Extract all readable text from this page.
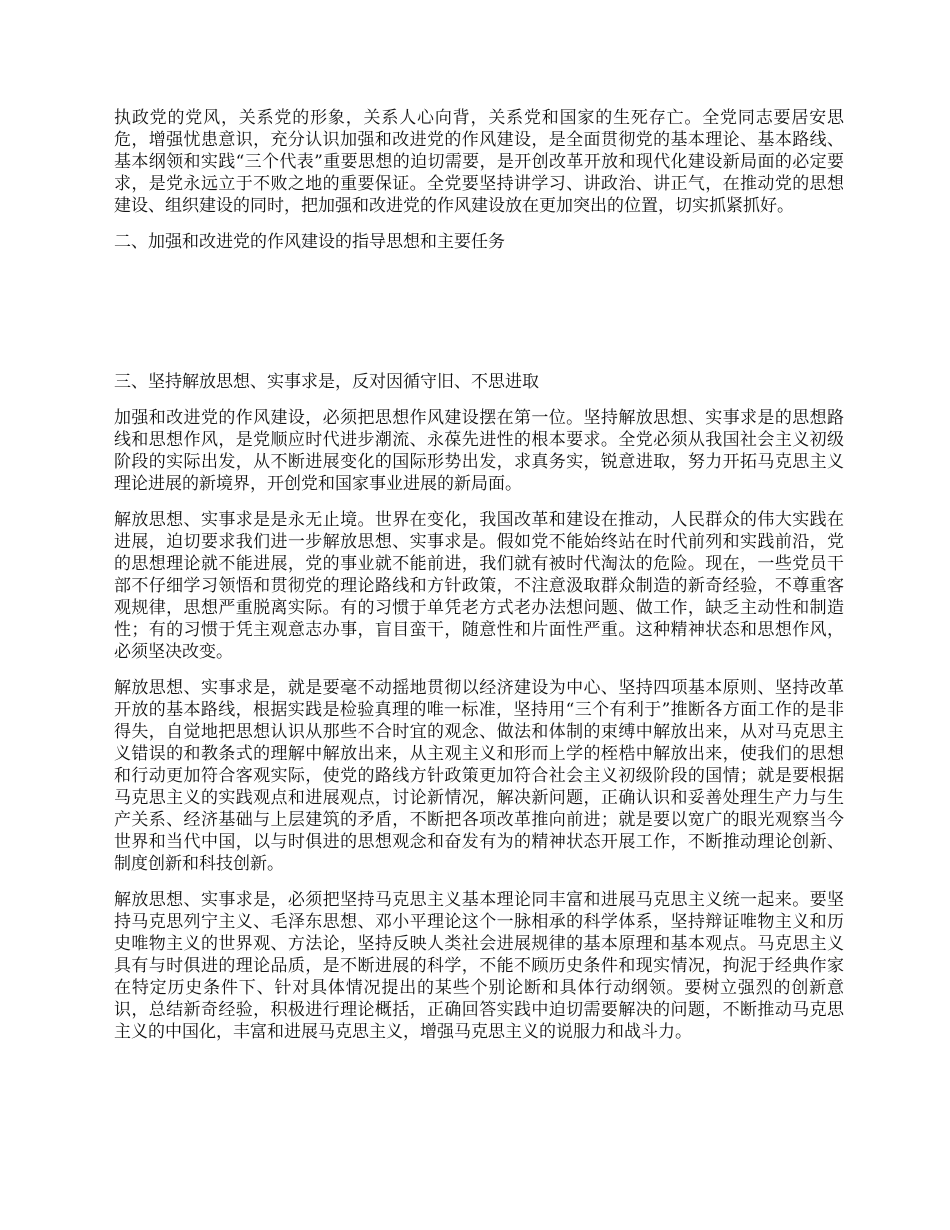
执政党的党风，关系党的形象，关系人心向背，关系党和国家的生死存亡。全党同志要居安思危，增强忧患意识，充分认识加强和改进党的作风建设，是全面贯彻党的基本理论、基本路线、基本纲领和实践“三个代表”重要思想的迫切需要，是开创改革开放和现代化建设新局面的必定要求，是党永远立于不败之地的重要保证。全党要坚持讲学习、讲政治、讲正气，在推动党的思想建设、组织建设的同时，把加强和改进党的作风建设放在更加突出的位置，切实抓紧抓好。

二、加强和改进党的作风建设的指导思想和主要任务

三、坚持解放思想、实事求是，反对因循守旧、不思进取

加强和改进党的作风建设，必须把思想作风建设摆在第一位。坚持解放思想、实事求是的思想路线和思想作风，是党顺应时代进步潮流、永葆先进性的根本要求。全党必须从我国社会主义初级阶段的实际出发，从不断进展变化的国际形势出发，求真务实，锐意进取，努力开拓马克思主义理论进展的新境界，开创党和国家事业进展的新局面。

解放思想、实事求是是永无止境。世界在变化，我国改革和建设在推动，人民群众的伟大实践在进展，迫切要求我们进一步解放思想、实事求是。假如党不能始终站在时代前列和实践前沿，党的思想理论就不能进展，党的事业就不能前进，我们就有被时代淘汰的危险。现在，一些党员干部不仔细学习领悟和贯彻党的理论路线和方针政策，不注意汲取群众制造的新奇经验，不尊重客观规律，思想严重脱离实际。有的习惯于单凭老方式老办法想问题、做工作，缺乏主动性和制造性；有的习惯于凭主观意志办事，盲目蛮干，随意性和片面性严重。这种精神状态和思想作风，必须坚决改变。

解放思想、实事求是，就是要毫不动摇地贯彻以经济建设为中心、坚持四项基本原则、坚持改革开放的基本路线，根据实践是检验真理的唯一标准，坚持用“三个有利于”推断各方面工作的是非得失，自觉地把思想认识从那些不合时宜的观念、做法和体制的束缚中解放出来，从对马克思主义错误的和教条式的理解中解放出来，从主观主义和形而上学的桎梏中解放出来，使我们的思想和行动更加符合客观实际，使党的路线方针政策更加符合社会主义初级阶段的国情；就是要根据马克思主义的实践观点和进展观点，讨论新情况，解决新问题，正确认识和妥善处理生产力与生产关系、经济基础与上层建筑的矛盾，不断把各项改革推向前进；就是要以宽广的眼光观察当今世界和当代中国，以与时俱进的思想观念和奋发有为的精神状态开展工作，不断推动理论创新、制度创新和科技创新。

解放思想、实事求是，必须把坚持马克思主义基本理论同丰富和进展马克思主义统一起来。要坚持马克思列宁主义、毛泽东思想、邓小平理论这个一脉相承的科学体系，坚持辩证唯物主义和历史唯物主义的世界观、方法论，坚持反映人类社会进展规律的基本原理和基本观点。马克思主义具有与时俱进的理论品质，是不断进展的科学，不能不顾历史条件和现实情况，拘泥于经典作家在特定历史条件下、针对具体情况提出的某些个别论断和具体行动纲领。要树立强烈的创新意识，总结新奇经验，积极进行理论概括，正确回答实践中迫切需要解决的问题，不断推动马克思主义的中国化，丰富和进展马克思主义，增强马克思主义的说服力和战斗力。
